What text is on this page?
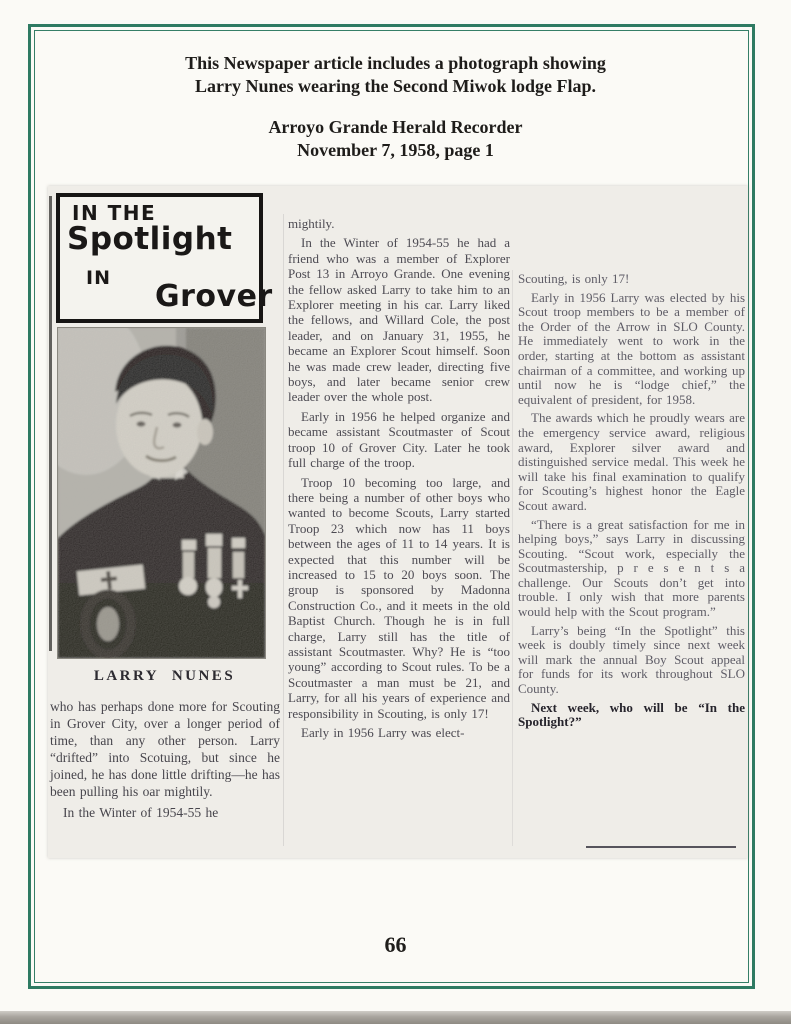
This Newspaper article includes a photograph showing
Larry Nunes wearing the Second Miwok lodge Flap.
Arroyo Grande Herald Recorder
November 7, 1958, page 1
IN THE
Spotlight
IN
Grover
LARRY NUNES

who has perhaps done more for Scouting in Grover City, over a longer period of time, than any other person. Larry “drifted” into Scotuing, but since he joined, he has done little drifting—he has been pulling his oar mightily.

In the Winter of 1954-55 he

mightily.

In the Winter of 1954-55 he had a friend who was a member of Explorer Post 13 in Arroyo Grande. One evening the fellow asked Larry to take him to an Explorer meeting in his car. Larry liked the fellows, and Willard Cole, the post leader, and on January 31, 1955, he became an Explorer Scout himself. Soon he was made crew leader, directing five boys, and later became senior crew leader over the whole post.

Early in 1956 he helped organize and became assistant Scoutmaster of Scout troop 10 of Grover City. Later he took full charge of the troop.

Troop 10 becoming too large, and there being a number of other boys who wanted to become Scouts, Larry started Troop 23 which now has 11 boys between the ages of 11 to 14 years. It is expected that this number will be increased to 15 to 20 boys soon. The group is sponsored by Madonna Construction Co., and it meets in the old Baptist Church. Though he is in full charge, Larry still has the title of assistant Scoutmaster. Why? He is “too young” according to Scout rules. To be a Scoutmaster a man must be 21, and Larry, for all his years of experience and responsibility in Scouting, is only 17!

Early in 1956 Larry was elect-

Scouting, is only 17!

Early in 1956 Larry was elected by his Scout troop members to be a member of the Order of the Arrow in SLO County. He immediately went to work in the order, starting at the bottom as assistant chairman of a committee, and working up until now he is “lodge chief,” the equivalent of president, for 1958.

The awards which he proudly wears are the emergency service award, religious award, Explorer silver award and distinguished service medal. This week he will take his final examination to qualify for Scouting’s highest honor the Eagle Scout award.

“There is a great satisfaction for me in helping boys,” says Larry in discussing Scouting. “Scout work, especially the Scoutmastership, p r e s e n t s a challenge. Our Scouts don’t get into trouble. I only wish that more parents would help with the Scout program.”

Larry’s being “In the Spotlight” this week is doubly timely since next week will mark the annual Boy Scout appeal for funds for its work throughout SLO County.

Next week, who will be “In the Spotlight?”

66
